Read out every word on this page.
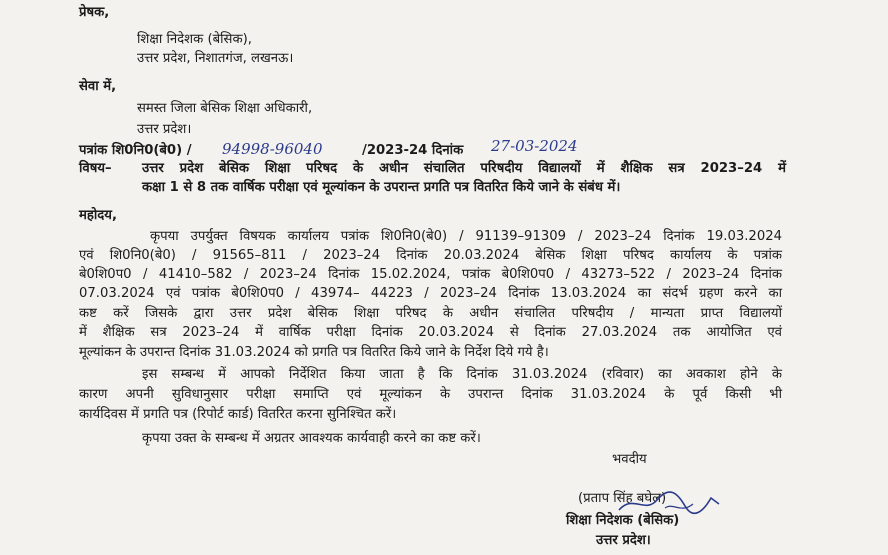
प्रेषक,
शिक्षा निदेशक (बेसिक),
उत्तर प्रदेश, निशातगंज, लखनऊ।
सेवा में,
समस्त जिला बेसिक शिक्षा अधिकारी,
उत्तर प्रदेश।
पत्रांक शि0नि0(बे0) / 94998-96040	/2023-24 दिनांक 27-03-2024
विषय– उत्तर प्रदेश बेसिक शिक्षा परिषद के अधीन संचालित परिषदीय विद्यालयों में शैक्षिक सत्र 2023–24 में
कक्षा 1 से 8 तक वार्षिक परीक्षा एवं मूल्यांकन के उपरान्त प्रगति पत्र वितरित किये जाने के संबंध में।
महोदय,
कृपया उपर्युक्त विषयक कार्यालय पत्रांक शि0नि0(बे0) / 91139–91309 / 2023–24 दिनांक 19.03.2024
एवं शि0नि0(बे0) / 91565–811 / 2023–24 दिनांक 20.03.2024 बेसिक शिक्षा परिषद कार्यालय के पत्रांक
बे0शि0प0 / 41410–582 / 2023–24 दिनांक 15.02.2024, पत्रांक बे0शि0प0 / 43273–522 / 2023–24 दिनांक
07.03.2024 एवं पत्रांक बे0शि0प0 / 43974– 44223 / 2023–24 दिनांक 13.03.2024 का संदर्भ ग्रहण करने का
कष्ट करें जिसके द्वारा उत्तर प्रदेश बेसिक शिक्षा परिषद के अधीन संचालित परिषदीय / मान्यता प्राप्त विद्यालयों
में शैक्षिक सत्र 2023–24 में वार्षिक परीक्षा दिनांक 20.03.2024 से दिनांक 27.03.2024 तक आयोजित एवं
मूल्यांकन के उपरान्त दिनांक 31.03.2024 को प्रगति पत्र वितरित किये जाने के निर्देश दिये गये है।
इस सम्बन्ध में आपको निर्देशित किया जाता है कि दिनांक 31.03.2024 (रविवार) का अवकाश होने के
कारण अपनी सुविधानुसार परीक्षा समाप्ति एवं मूल्यांकन के उपरान्त दिनांक 31.03.2024 के पूर्व किसी भी
कार्यदिवस में प्रगति पत्र (रिपोर्ट कार्ड) वितरित करना सुनिश्चित करें।
कृपया उक्त के सम्बन्ध में अग्रतर आवश्यक कार्यवाही करने का कष्ट करें।
भवदीय
(प्रताप सिंह बघेल)
शिक्षा निदेशक (बेसिक)
उत्तर प्रदेश।
